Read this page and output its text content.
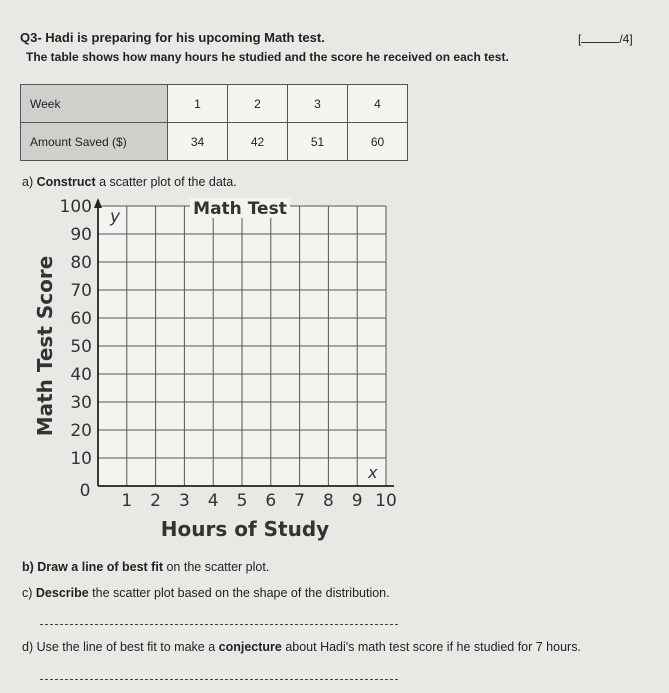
Q3- Hadi is preparing for his upcoming Math test.	[	/4]
The table shows how many hours he studied and the score he received on each test.
Week	1	2	3	4
Amount Saved ($)	34	42	51	60
a) Construct a scatter plot of the data.
10
20
30
40
50
60
70
80
90
100
1 2 3 4 5 6 7 8 9 10
0
y
x
Math Test
Hours of Study
Math Test Score
b) Draw a line of best fit on the scatter plot.
c) Describe the scatter plot based on the shape of the distribution.
d) Use the line of best fit to make a conjecture about Hadi's math test score if he studied for 7 hours.
